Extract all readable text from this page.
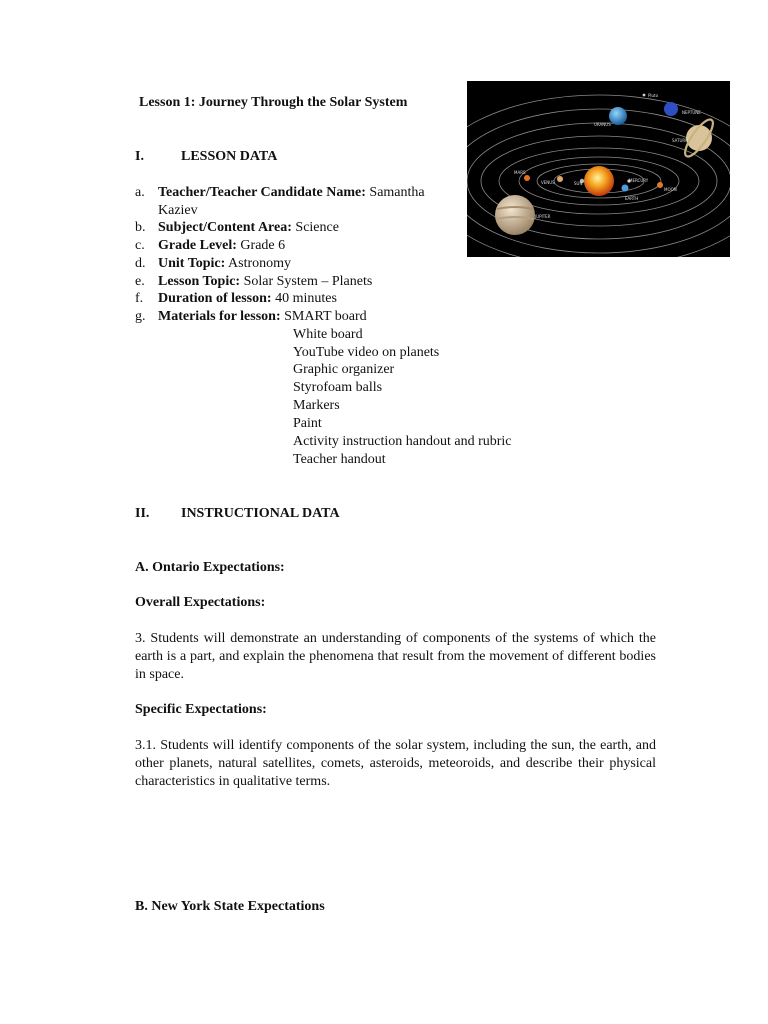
Lesson 1: Journey Through the Solar System	Pluto
NEPTUNE
URANUS
SATURN
MARS
VENUS	SUN
MERCURY
EARTH
JUPITER
MOON
I.	LESSON DATA
a. Teacher/Teacher Candidate Name: Samantha
Kaziev
b. Subject/Content Area: Science
c. Grade Level: Grade 6
d. Unit Topic: Astronomy
e. Lesson Topic: Solar System – Planets
f. Duration of lesson: 40 minutes
g. Materials for lesson: SMART board
White board
YouTube video on planets
Graphic organizer
Styrofoam balls
Markers
Paint
Activity instruction handout and rubric
Teacher handout
II. INSTRUCTIONAL DATA
A. Ontario Expectations:
Overall Expectations:
3. Students will demonstrate an understanding of components of the systems of which the earth is a part, and explain the phenomena that result from the movement of different bodies in space.
Specific Expectations:
3.1. Students will identify components of the solar system, including the sun, the earth, and other planets, natural satellites, comets, asteroids, meteoroids, and describe their physical characteristics in qualitative terms.
B. New York State Expectations
